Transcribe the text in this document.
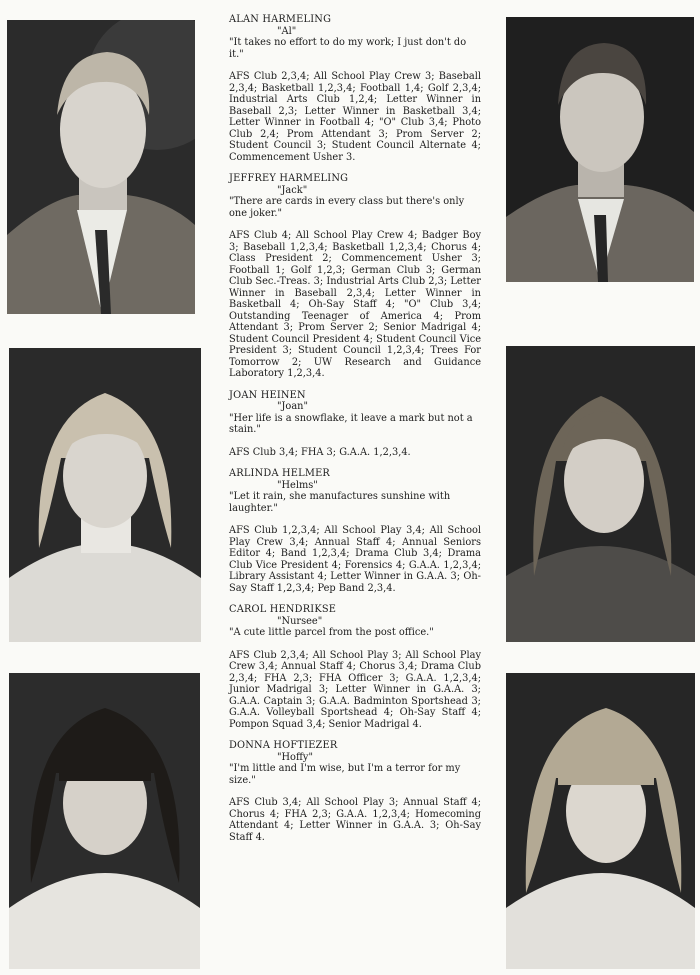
ALAN HARMELING
"Al"
"It takes no effort to do my work; I just don't do it."
AFS Club 2,3,4; All School Play Crew 3; Baseball 2,3,4; Basketball 1,2,3,4; Football 1,4; Golf 2,3,4; Industrial Arts Club 1,2,4; Letter Winner in Baseball 2,3; Letter Winner in Basketball 3,4; Letter Winner in Football 4; "O" Club 3,4; Photo Club 2,4; Prom Attendant 3; Prom Server 2; Student Council 3; Student Council Alternate 4; Commencement Usher 3.
JEFFREY HARMELING
"Jack"
"There are cards in every class but there's only one joker."
AFS Club 4; All School Play Crew 4; Badger Boy 3; Baseball 1,2,3,4; Basketball 1,2,3,4; Chorus 4; Class President 2; Commencement Usher 3; Football 1; Golf 1,2,3; German Club 3; German Club Sec.-Treas. 3; Industrial Arts Club 2,3; Letter Winner in Baseball 2,3,4; Letter Winner in Basketball 4; Oh-Say Staff 4; "O" Club 3,4; Outstanding Teenager of America 4; Prom Attendant 3; Prom Server 2; Senior Madrigal 4; Student Council President 4; Student Council Vice President 3; Student Council 1,2,3,4; Trees For Tomorrow 2; UW Research and Guidance Laboratory 1,2,3,4.
JOAN HEINEN
"Joan"
"Her life is a snowflake, it leave a mark but not a stain."
AFS Club 3,4; FHA 3; G.A.A. 1,2,3,4.
ARLINDA HELMER
"Helms"
"Let it rain, she manufactures sunshine with laughter."
AFS Club 1,2,3,4; All School Play 3,4; All School Play Crew 3,4; Annual Staff 4; Annual Seniors Editor 4; Band 1,2,3,4; Drama Club 3,4; Drama Club Vice President 4; Forensics 4; G.A.A. 1,2,3,4; Library Assistant 4; Letter Winner in G.A.A. 3; Oh-Say Staff 1,2,3,4; Pep Band 2,3,4.
CAROL HENDRIKSE
"Nursee"
"A cute little parcel from the post office."
AFS Club 2,3,4; All School Play 3; All School Play Crew 3,4; Annual Staff 4; Chorus 3,4; Drama Club 2,3,4; FHA 2,3; FHA Officer 3; G.A.A. 1,2,3,4; Junior Madrigal 3; Letter Winner in G.A.A. 3; G.A.A. Captain 3; G.A.A. Badminton Sportshead 3; G.A.A. Volleyball Sportshead 4; Oh-Say Staff 4; Pompon Squad 3,4; Senior Madrigal 4.
DONNA HOFTIEZER
"Hoffy"
"I'm little and I'm wise, but I'm a terror for my size."
AFS Club 3,4; All School Play 3; Annual Staff 4; Chorus 4; FHA 2,3; G.A.A. 1,2,3,4; Homecoming Attendant 4; Letter Winner in G.A.A. 3; Oh-Say Staff 4.
